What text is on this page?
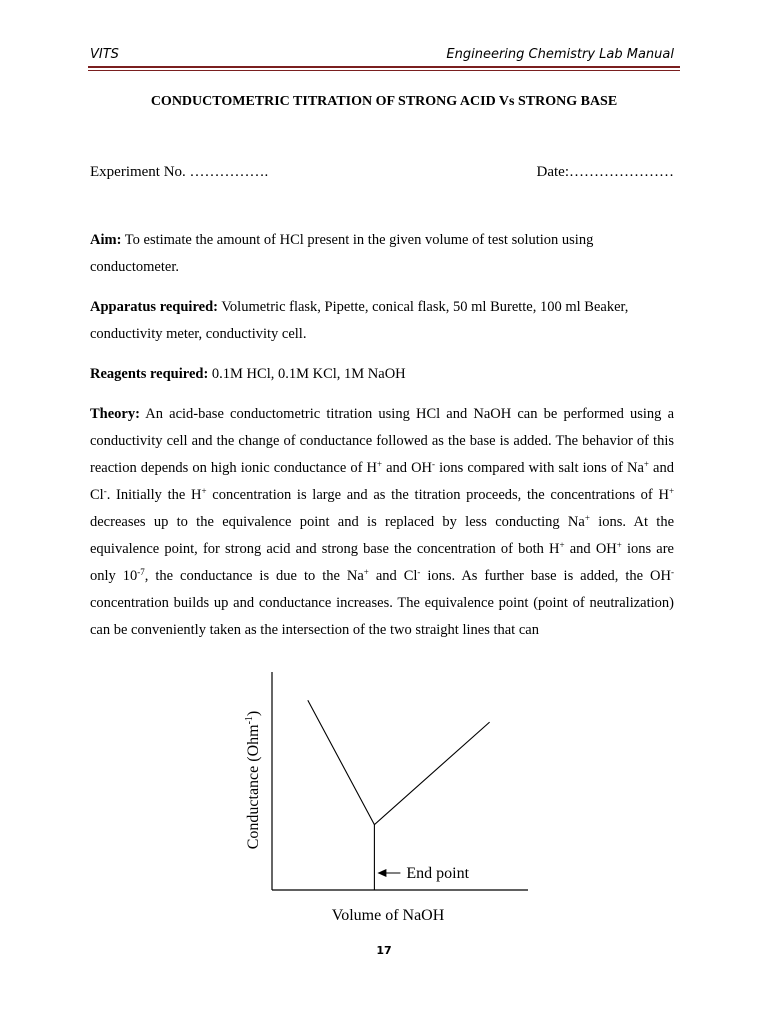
VITS	Engineering Chemistry Lab Manual
CONDUCTOMETRIC TITRATION OF STRONG ACID Vs STRONG BASE
Experiment No. …………….	Date:…………………
Aim: To estimate the amount of HCl present in the given volume of test solution using conductometer.
Apparatus required: Volumetric flask, Pipette, conical flask, 50 ml Burette, 100 ml Beaker, conductivity meter, conductivity cell.
Reagents required: 0.1M HCl, 0.1M KCl, 1M NaOH
Theory: An acid-base conductometric titration using HCl and NaOH can be performed using a conductivity cell and the change of conductance followed as the base is added. The behavior of this reaction depends on high ionic conductance of H+ and OH- ions compared with salt ions of Na+ and Cl-. Initially the H+ concentration is large and as the titration proceeds, the concentrations of H+ decreases up to the equivalence point and is replaced by less conducting Na+ ions. At the equivalence point, for strong acid and strong base the concentration of both H+ and OH+ ions are only $10^{-7}$, the conductance is due to the Na+ and Cl- ions. As further base is added, the OH- concentration builds up and conductance increases. The equivalence point (point of neutralization) can be conveniently taken as the intersection of the two straight lines that can
End point
Volume of NaOH
Conductance (Ohm$^{-1}$)
17
